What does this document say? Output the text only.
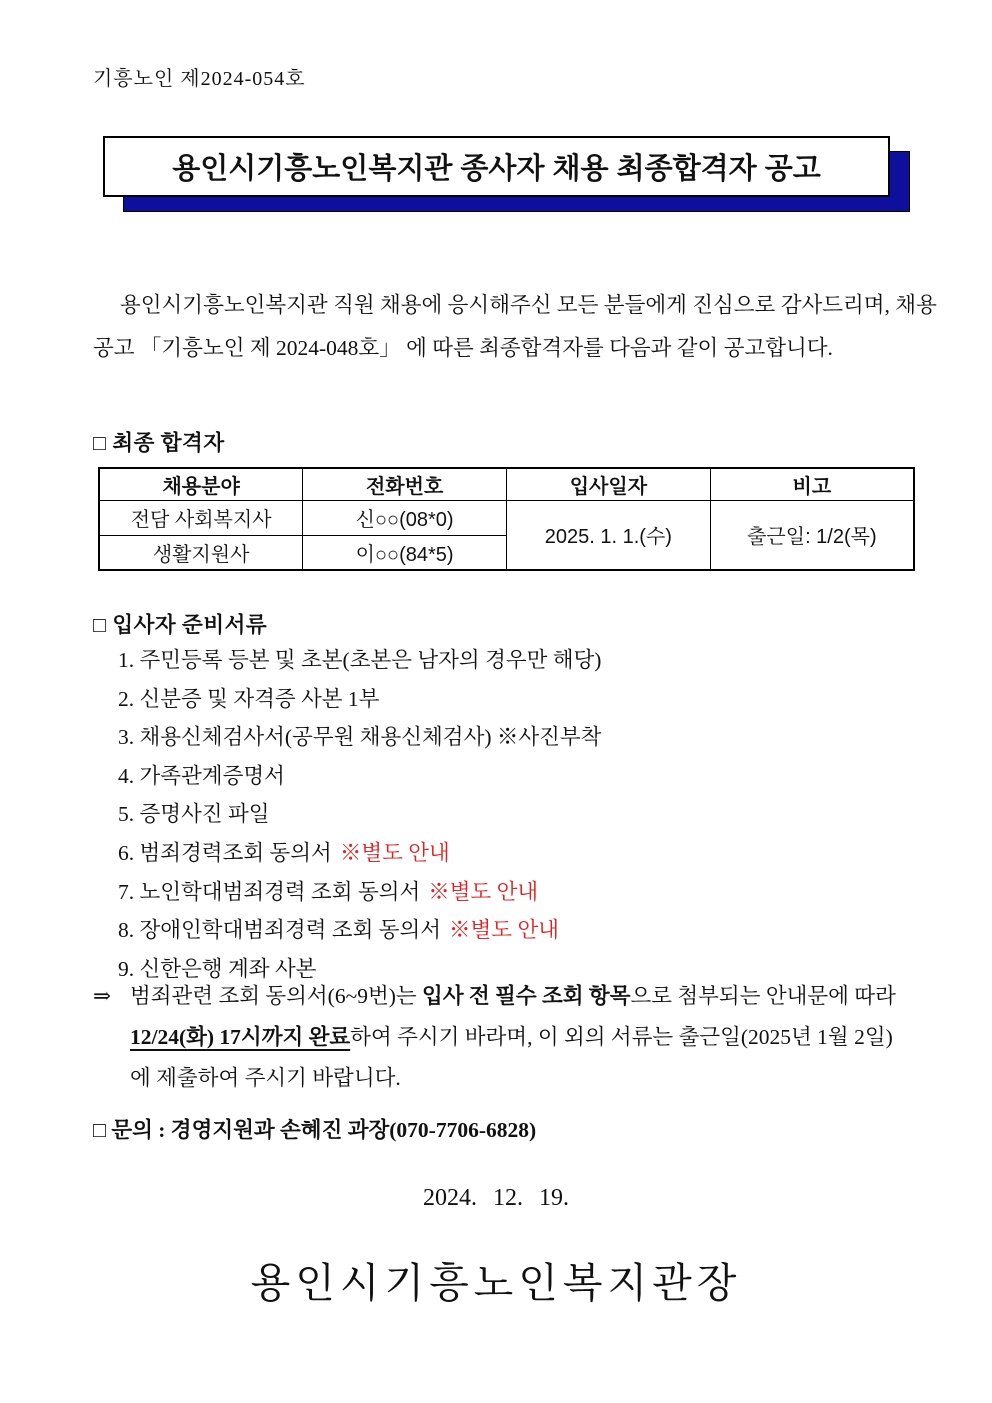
기흥노인 제2024-054호
용인시기흥노인복지관 종사자 채용 최종합격자 공고
용인시기흥노인복지관 직원 채용에 응시해주신 모든 분들에게 진심으로 감사드리며, 채용
공고 「기흥노인 제 2024-048호」 에 따른 최종합격자를 다음과 같이 공고합니다.
□ 최종 합격자
채용분야	전화번호	입사일자	비고
전담 사회복지사	신○○(08*0)	2025. 1. 1.(수)	출근일: 1/2(목)
생활지원사	이○○(84*5)		
□ 입사자 준비서류
1. 주민등록 등본 및 초본(초본은 남자의 경우만 해당)
2. 신분증 및 자격증 사본 1부
3. 채용신체검사서(공무원 채용신체검사) ※사진부착
4. 가족관계증명서
5. 증명사진 파일
6. 범죄경력조회 동의서 ※별도 안내
7. 노인학대범죄경력 조회 동의서 ※별도 안내
8. 장애인학대범죄경력 조회 동의서 ※별도 안내
9. 신한은행 계좌 사본
⇒ 범죄관련 조회 동의서(6~9번)는 입사 전 필수 조회 항목으로 첨부되는 안내문에 따라
12/24(화) 17시까지 완료하여 주시기 바라며, 이 외의 서류는 출근일(2025년 1월 2일)
에 제출하여 주시기 바랍니다.
□ 문의 : 경영지원과 손혜진 과장(070-7706-6828)
2024. 12. 19.
용인시기흥노인복지관장
